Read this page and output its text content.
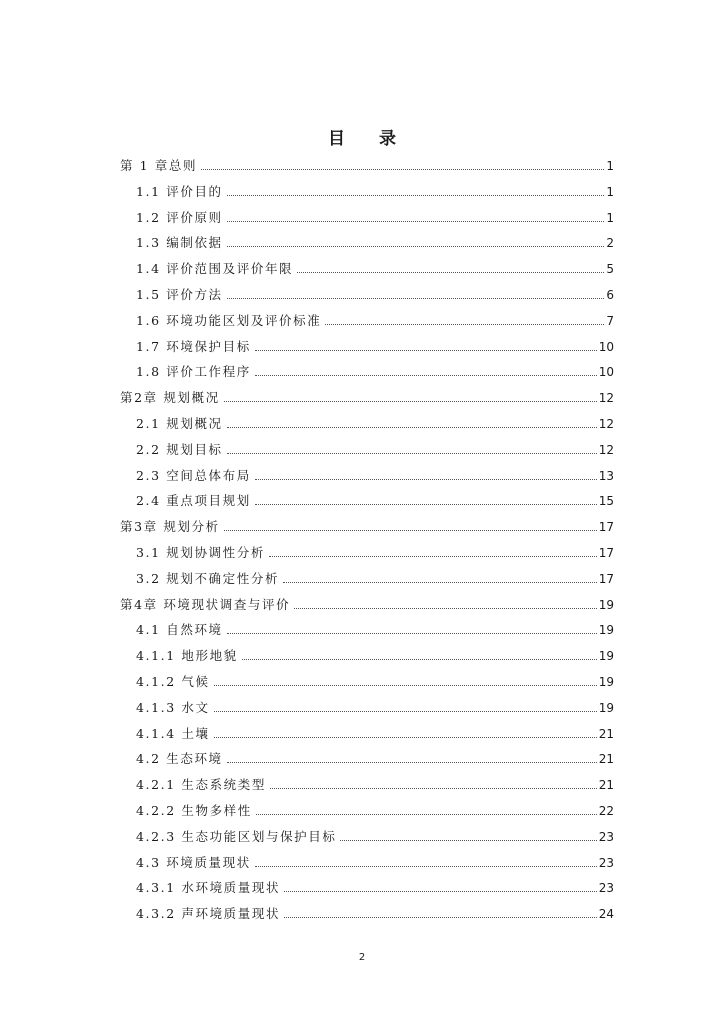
目 录
第 1 章总则	1
1.1 评价目的	1
1.2 评价原则	1
1.3 编制依据	2
1.4 评价范围及评价年限	5
1.5 评价方法	6
1.6 环境功能区划及评价标准	7
1.7 环境保护目标	10
1.8 评价工作程序	10
第2章 规划概况	12
2.1 规划概况	12
2.2 规划目标	12
2.3 空间总体布局	13
2.4 重点项目规划	15
第3章 规划分析	17
3.1 规划协调性分析	17
3.2 规划不确定性分析	17
第4章 环境现状调查与评价	19
4.1 自然环境	19
4.1.1 地形地貌	19
4.1.2 气候	19
4.1.3 水文	19
4.1.4 土壤	21
4.2 生态环境	21
4.2.1 生态系统类型	21
4.2.2 生物多样性	22
4.2.3 生态功能区划与保护目标	23
4.3 环境质量现状	23
4.3.1 水环境质量现状	23
4.3.2 声环境质量现状	24
2
